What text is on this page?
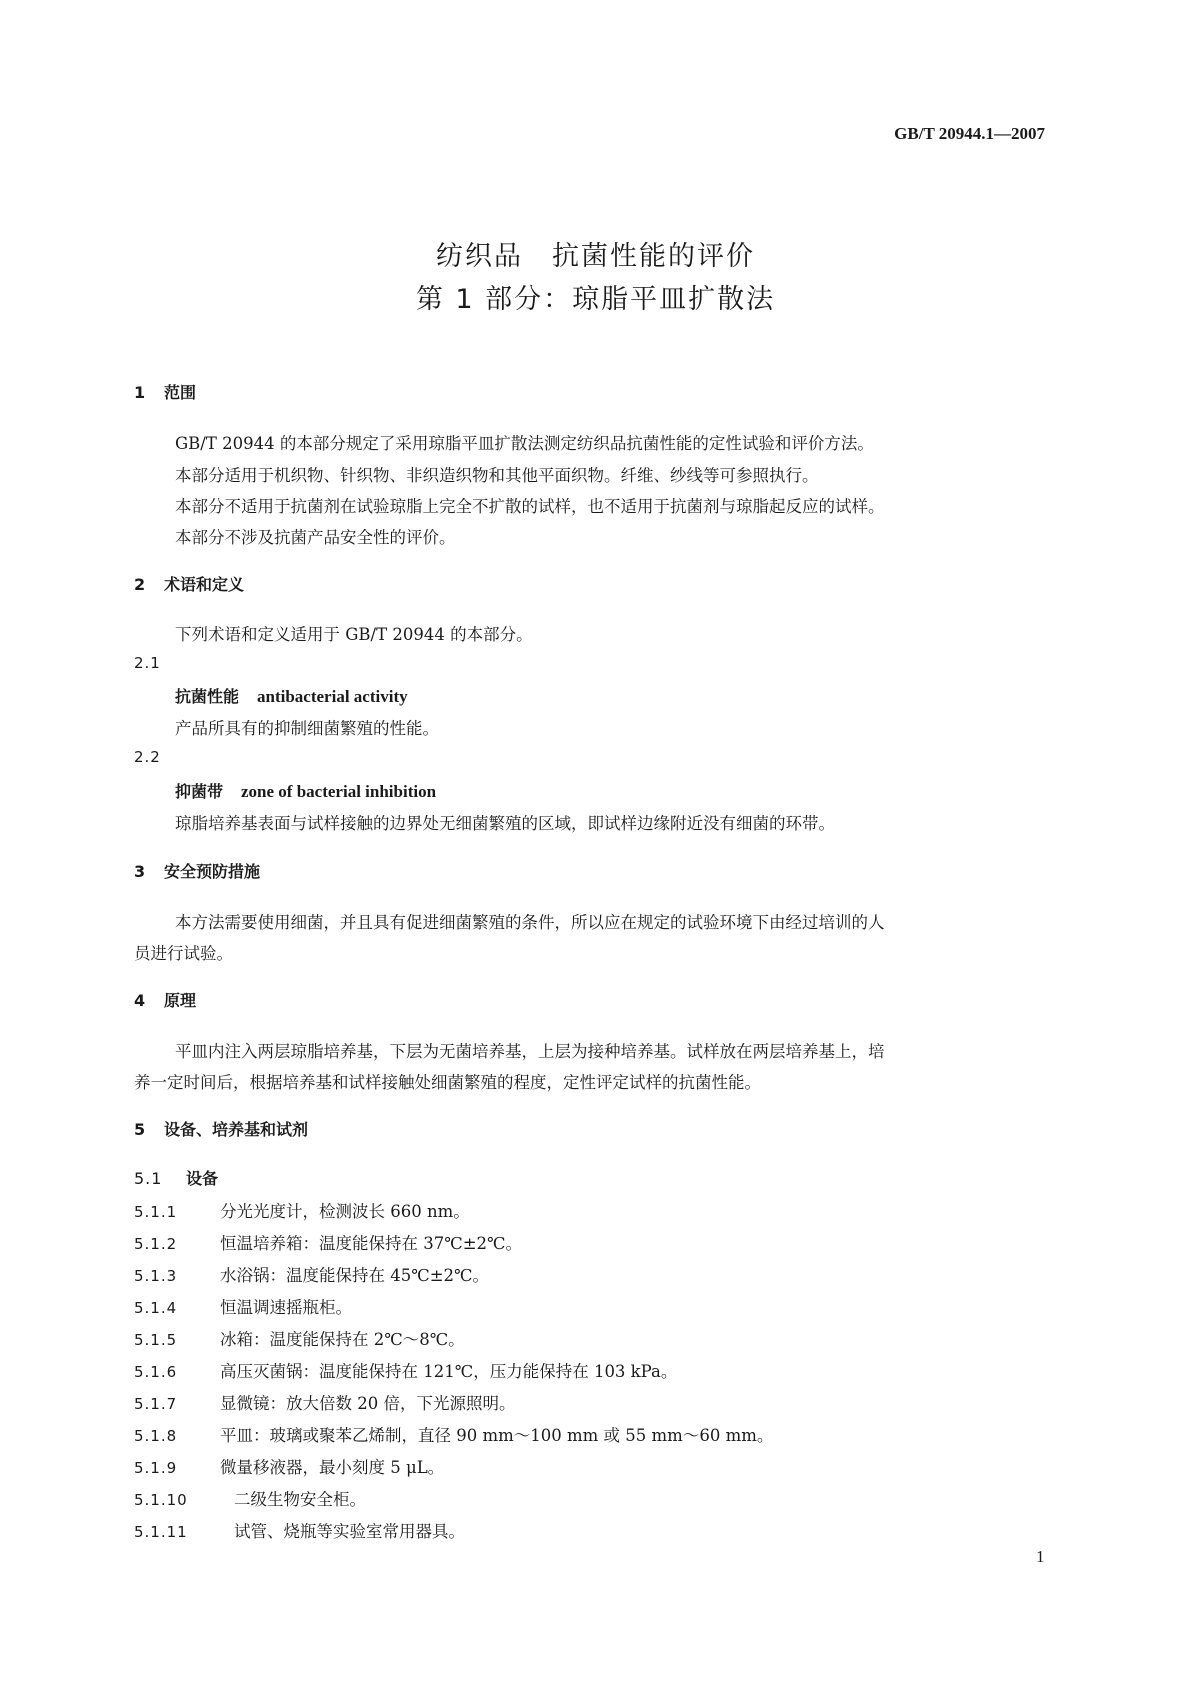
GB/T 20944.1—2007
纺织品　抗菌性能的评价
第 1 部分：琼脂平皿扩散法
1 范围
GB/T 20944 的本部分规定了采用琼脂平皿扩散法测定纺织品抗菌性能的定性试验和评价方法。
本部分适用于机织物、针织物、非织造织物和其他平面织物。纤维、纱线等可参照执行。
本部分不适用于抗菌剂在试验琼脂上完全不扩散的试样，也不适用于抗菌剂与琼脂起反应的试样。
本部分不涉及抗菌产品安全性的评价。
2 术语和定义
下列术语和定义适用于 GB/T 20944 的本部分。
2.1
抗菌性能 antibacterial activity
产品所具有的抑制细菌繁殖的性能。
2.2
抑菌带 zone of bacterial inhibition
琼脂培养基表面与试样接触的边界处无细菌繁殖的区域，即试样边缘附近没有细菌的环带。
3 安全预防措施
本方法需要使用细菌，并且具有促进细菌繁殖的条件，所以应在规定的试验环境下由经过培训的人
员进行试验。
4 原理
平皿内注入两层琼脂培养基，下层为无菌培养基，上层为接种培养基。试样放在两层培养基上，培
养一定时间后，根据培养基和试样接触处细菌繁殖的程度，定性评定试样的抗菌性能。
5 设备、培养基和试剂
5.1 设备
5.1.1	分光光度计，检测波长 660 nm。
5.1.2	恒温培养箱：温度能保持在 37℃±2℃。
5.1.3	水浴锅：温度能保持在 45℃±2℃。
5.1.4	恒温调速摇瓶柜。
5.1.5	冰箱：温度能保持在 2℃～8℃。
5.1.6	高压灭菌锅：温度能保持在 121℃，压力能保持在 103 kPa。
5.1.7	显微镜：放大倍数 20 倍，下光源照明。
5.1.8	平皿：玻璃或聚苯乙烯制，直径 90 mm～100 mm 或 55 mm～60 mm。
5.1.9	微量移液器，最小刻度 5 μL。
5.1.10	二级生物安全柜。
5.1.11	试管、烧瓶等实验室常用器具。
1
